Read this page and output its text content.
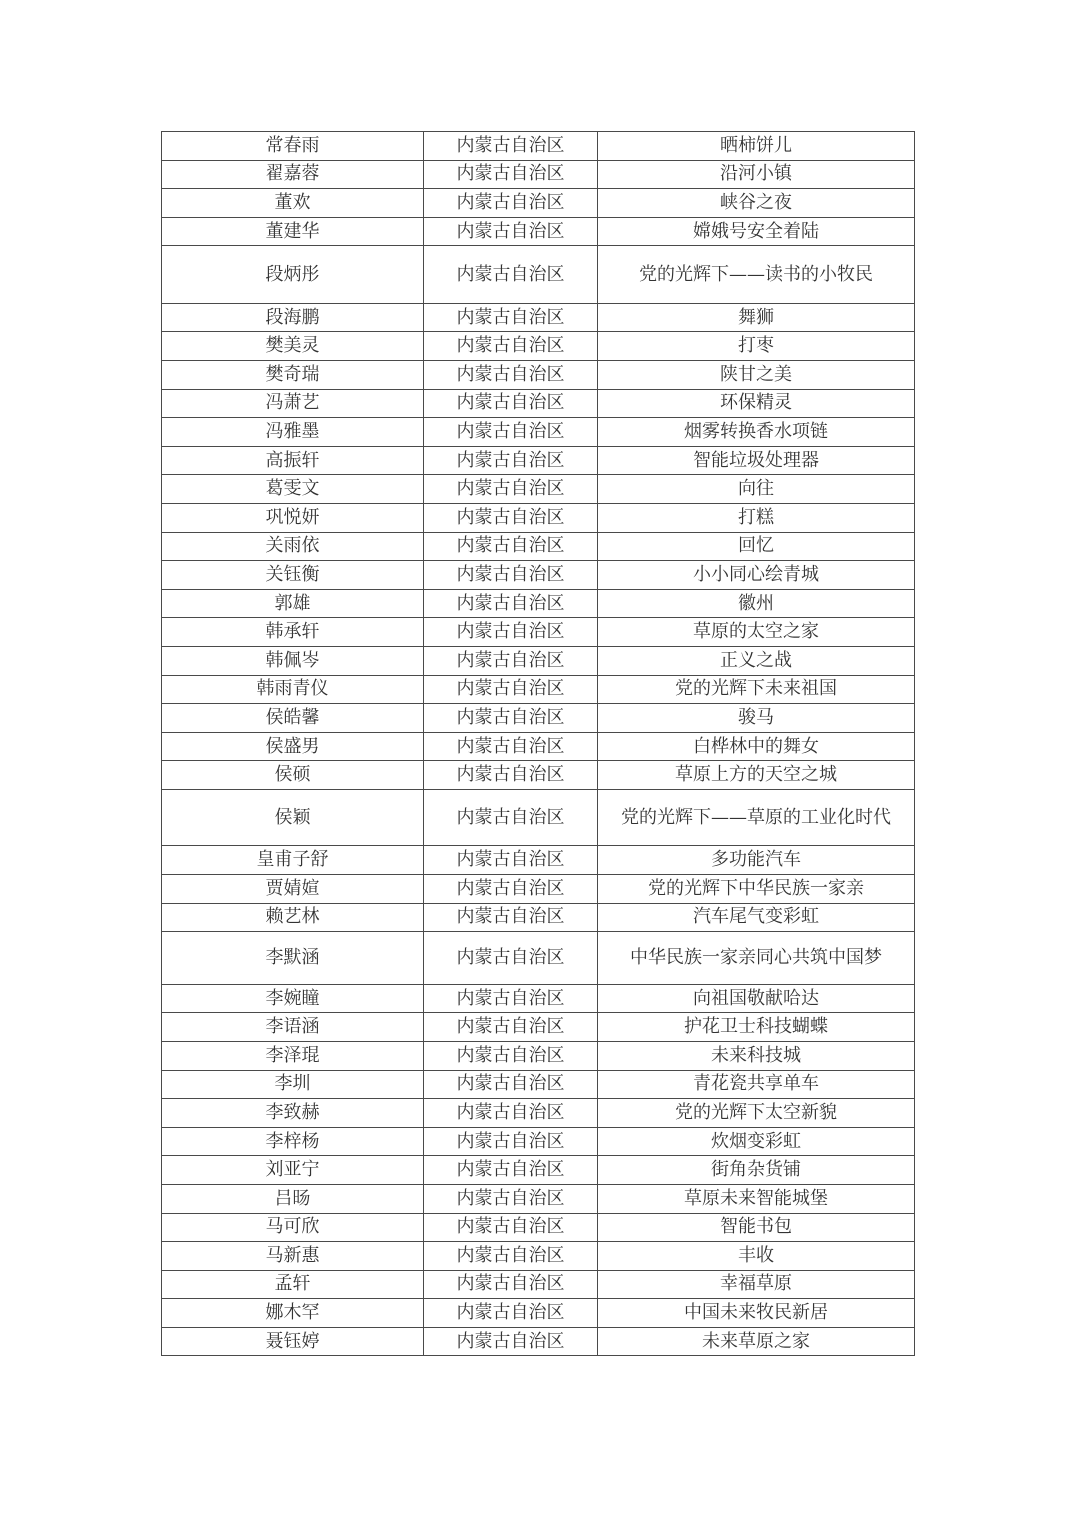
常春雨	内蒙古自治区	晒柿饼儿
翟嘉蓉	内蒙古自治区	沿河小镇
董欢	内蒙古自治区	峡谷之夜
董建华	内蒙古自治区	嫦娥号安全着陆
段炳彤	内蒙古自治区	党的光辉下——读书的小牧民
段海鹏	内蒙古自治区	舞狮
樊美灵	内蒙古自治区	打枣
樊奇瑞	内蒙古自治区	陕甘之美
冯萧艺	内蒙古自治区	环保精灵
冯雅墨	内蒙古自治区	烟雾转换香水项链
高振轩	内蒙古自治区	智能垃圾处理器
葛雯文	内蒙古自治区	向往
巩悦妍	内蒙古自治区	打糕
关雨依	内蒙古自治区	回忆
关钰衡	内蒙古自治区	小小同心绘青城
郭雄	内蒙古自治区	徽州
韩承轩	内蒙古自治区	草原的太空之家
韩佩岑	内蒙古自治区	正义之战
韩雨青仪	内蒙古自治区	党的光辉下未来祖国
侯皓馨	内蒙古自治区	骏马
侯盛男	内蒙古自治区	白桦林中的舞女
侯硕	内蒙古自治区	草原上方的天空之城
侯颖	内蒙古自治区	党的光辉下——草原的工业化时代
皇甫子舒	内蒙古自治区	多功能汽车
贾婧媗	内蒙古自治区	党的光辉下中华民族一家亲
赖艺林	内蒙古自治区	汽车尾气变彩虹
李默涵	内蒙古自治区	中华民族一家亲同心共筑中国梦
李婉瞳	内蒙古自治区	向祖国敬献哈达
李语涵	内蒙古自治区	护花卫士科技蝴蝶
李泽琨	内蒙古自治区	未来科技城
李圳	内蒙古自治区	青花瓷共享单车
李致赫	内蒙古自治区	党的光辉下太空新貌
李梓杨	内蒙古自治区	炊烟变彩虹
刘亚宁	内蒙古自治区	街角杂货铺
吕旸	内蒙古自治区	草原未来智能城堡
马可欣	内蒙古自治区	智能书包
马新惠	内蒙古自治区	丰收
孟轩	内蒙古自治区	幸福草原
娜木罕	内蒙古自治区	中国未来牧民新居
聂钰婷	内蒙古自治区	未来草原之家
